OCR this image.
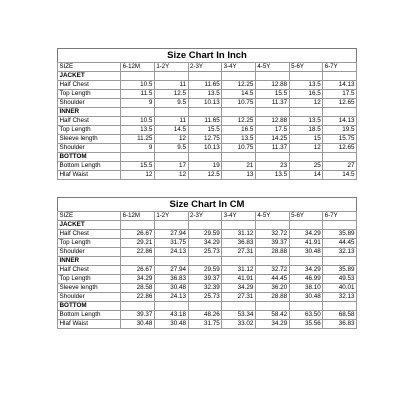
Size Chart In Inch
SIZE	6-12M	1-2Y	2-3Y	3-4Y	4-5Y	5-6Y	6-7Y
JACKET							
Half Chest	10.5	11	11.65	12.25	12.88	13.5	14.13
Top Length	11.5	12.5	13.5	14.5	15.5	16.5	17.5
Shoulder	9	9.5	10.13	10.75	11.37	12	12.65
INNER							
Half Chest	10.5	11	11.65	12.25	12.88	13.5	14.13
Top Length	13.5	14.5	15.5	16.5	17.5	18.5	19.5
Sleeve length	11.25	12	12.75	13.5	14.25	15	15.75
Shoulder	9	9.5	10.13	10.75	11.37	12	12.65
BOTTOM							
Bottom Length	15.5	17	19	21	23	25	27
Hlaf Waist	12	12	12.5	13	13.5	14	14.5
Size Chart In CM
SIZE	6-12M	1-2Y	2-3Y	3-4Y	4-5Y	5-6Y	6-7Y
JACKET							
Half Chest	26.67	27.94	29.59	31.12	32.72	34.29	35.89
Top Length	29.21	31.75	34.29	36.83	39.37	41.91	44.45
Shoulder	22.86	24.13	25.73	27.31	28.88	30.48	32.13
INNER							
Half Chest	26.67	27.94	29.59	31.12	32.72	34.29	35.89
Top Length	34.29	36.83	39.37	41.91	44.45	46.99	49.53
Sleeve length	28.58	30.48	32.39	34.29	36.20	38.10	40.01
Shoulder	22.86	24.13	25.73	27.31	28.88	30.48	32.13
BOTTOM							
Bottom Length	39.37	43.18	48.26	53.34	58.42	63.50	68.58
Hlaf Waist	30.48	30.48	31.75	33.02	34.29	35.56	36.83
